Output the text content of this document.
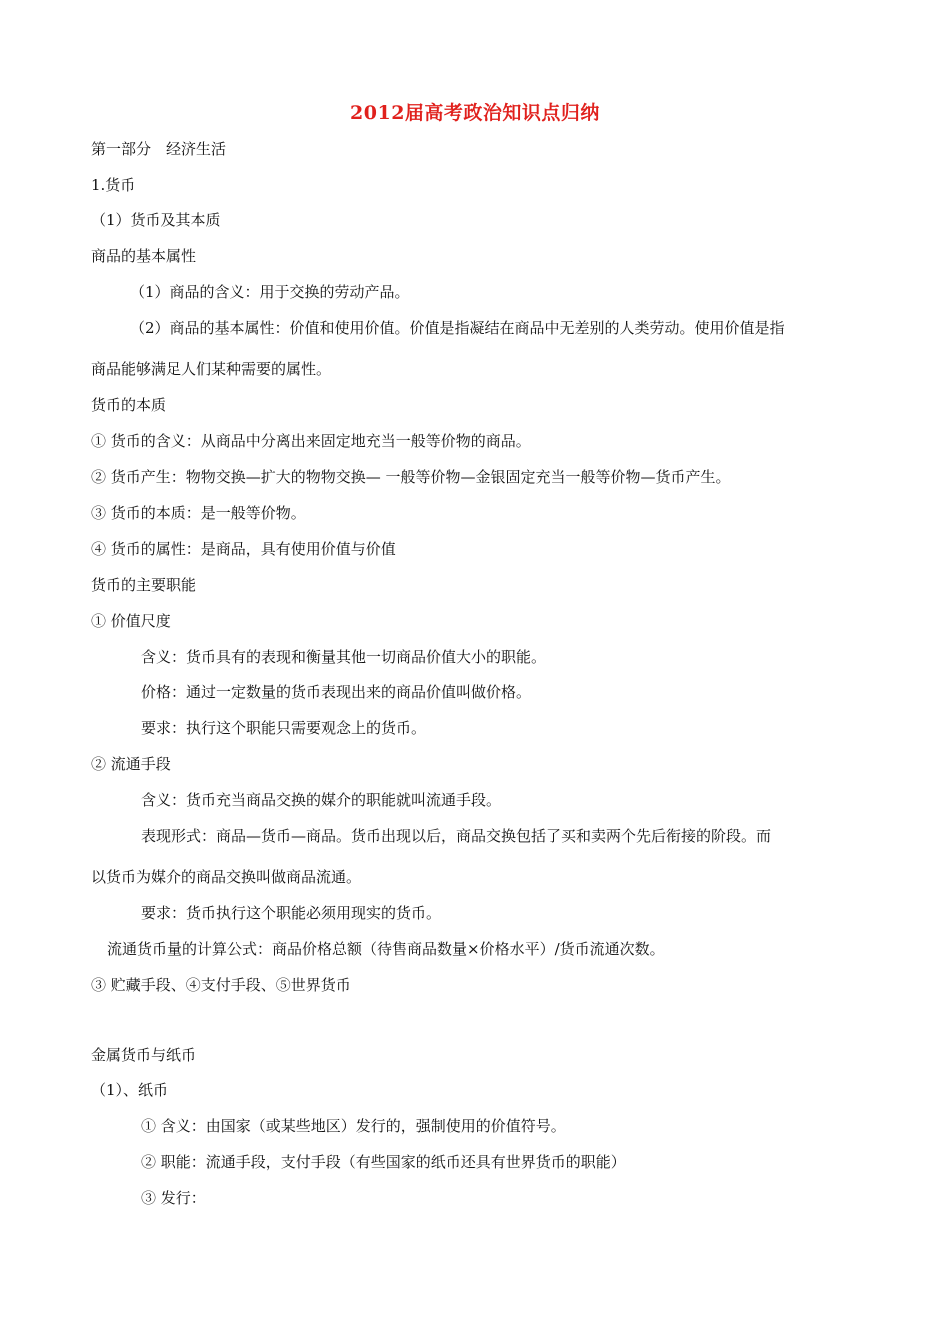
2012届高考政治知识点归纳
第一部分　经济生活
1.货币
（1）货币及其本质
商品的基本属性
（1）商品的含义：用于交换的劳动产品。
（2）商品的基本属性：价值和使用价值。价值是指凝结在商品中无差别的人类劳动。使用价值是指
商品能够满足人们某种需要的属性。
货币的本质
① 货币的含义：从商品中分离出来固定地充当一般等价物的商品。
② 货币产生：物物交换—扩大的物物交换— 一般等价物—金银固定充当一般等价物—货币产生。
③ 货币的本质：是一般等价物。
④ 货币的属性：是商品，具有使用价值与价值
货币的主要职能
① 价值尺度
含义：货币具有的表现和衡量其他一切商品价值大小的职能。
价格：通过一定数量的货币表现出来的商品价值叫做价格。
要求：执行这个职能只需要观念上的货币。
② 流通手段
含义：货币充当商品交换的媒介的职能就叫流通手段。
表现形式：商品—货币—商品。货币出现以后，商品交换包括了买和卖两个先后衔接的阶段。而
以货币为媒介的商品交换叫做商品流通。
要求：货币执行这个职能必须用现实的货币。
流通货币量的计算公式：商品价格总额（待售商品数量×价格水平）/货币流通次数。
③ 贮藏手段、④支付手段、⑤世界货币
金属货币与纸币
（1）、纸币
① 含义：由国家（或某些地区）发行的，强制使用的价值符号。
② 职能：流通手段，支付手段（有些国家的纸币还具有世界货币的职能）
③ 发行：
